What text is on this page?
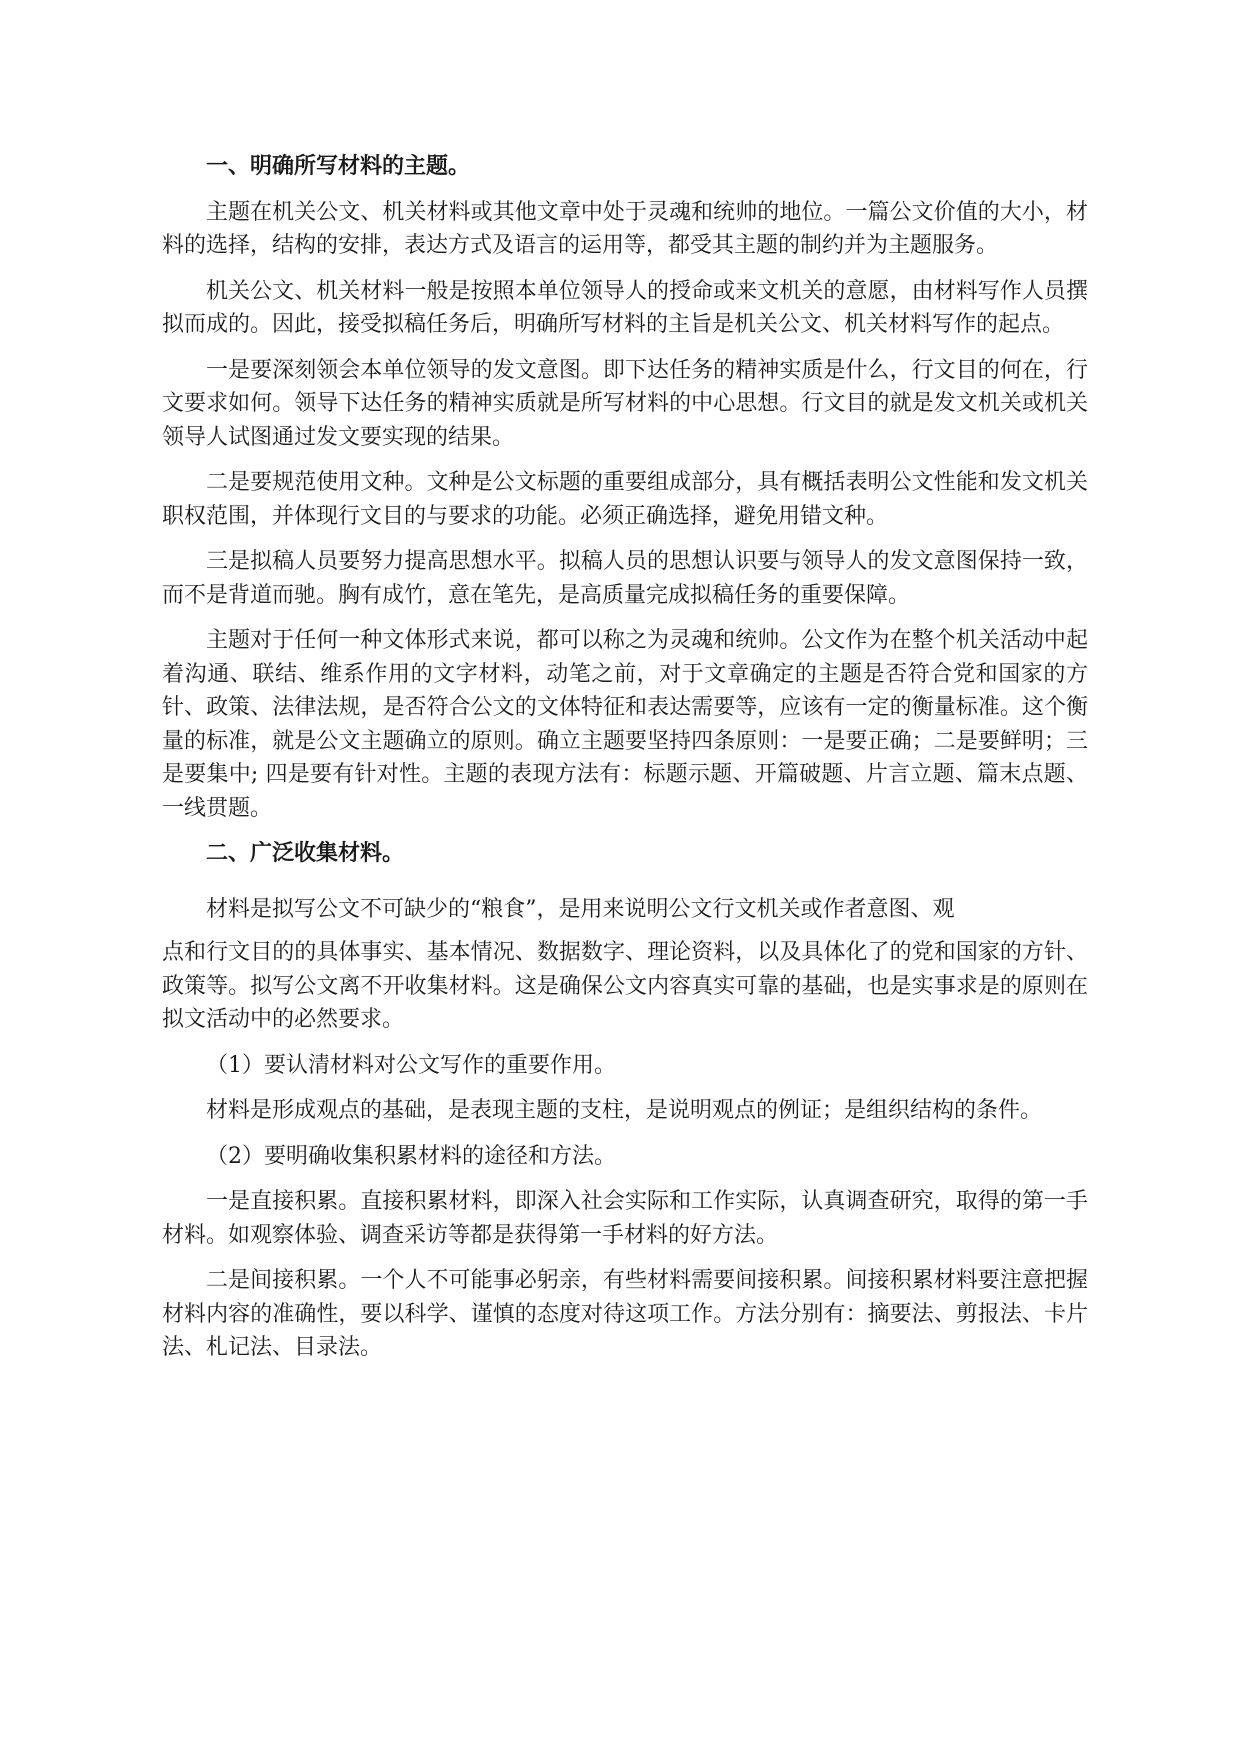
一、明确所写材料的主题。
主题在机关公文、机关材料或其他文章中处于灵魂和统帅的地位。一篇公文价值的大小，材料的选择，结构的安排，表达方式及语言的运用等，都受其主题的制约并为主题服务。
机关公文、机关材料一般是按照本单位领导人的授命或来文机关的意愿，由材料写作人员撰拟而成的。因此，接受拟稿任务后，明确所写材料的主旨是机关公文、机关材料写作的起点。
一是要深刻领会本单位领导的发文意图。即下达任务的精神实质是什么，行文目的何在，行文要求如何。领导下达任务的精神实质就是所写材料的中心思想。行文目的就是发文机关或机关领导人试图通过发文要实现的结果。
二是要规范使用文种。文种是公文标题的重要组成部分，具有概括表明公文性能和发文机关职权范围，并体现行文目的与要求的功能。必须正确选择，避免用错文种。
三是拟稿人员要努力提高思想水平。拟稿人员的思想认识要与领导人的发文意图保持一致，而不是背道而驰。胸有成竹，意在笔先，是高质量完成拟稿任务的重要保障。
主题对于任何一种文体形式来说，都可以称之为灵魂和统帅。公文作为在整个机关活动中起着沟通、联结、维系作用的文字材料，动笔之前，对于文章确定的主题是否符合党和国家的方针、政策、法律法规，是否符合公文的文体特征和表达需要等，应该有一定的衡量标准。这个衡量的标准，就是公文主题确立的原则。确立主题要坚持四条原则：一是要正确；二是要鲜明；三是要集中; 四是要有针对性。主题的表现方法有：标题示题、开篇破题、片言立题、篇末点题、一线贯题。
二、广泛收集材料。
材料是拟写公文不可缺少的“粮食”，是用来说明公文行文机关或作者意图、观
点和行文目的的具体事实、基本情况、数据数字、理论资料，以及具体化了的党和国家的方针、政策等。拟写公文离不开收集材料。这是确保公文内容真实可靠的基础，也是实事求是的原则在拟文活动中的必然要求。
（1）要认清材料对公文写作的重要作用。
材料是形成观点的基础，是表现主题的支柱，是说明观点的例证；是组织结构的条件。
（2）要明确收集积累材料的途径和方法。
一是直接积累。直接积累材料，即深入社会实际和工作实际，认真调查研究，取得的第一手材料。如观察体验、调查采访等都是获得第一手材料的好方法。
二是间接积累。一个人不可能事必躬亲，有些材料需要间接积累。间接积累材料要注意把握材料内容的准确性，要以科学、谨慎的态度对待这项工作。方法分别有：摘要法、剪报法、卡片法、札记法、目录法。
